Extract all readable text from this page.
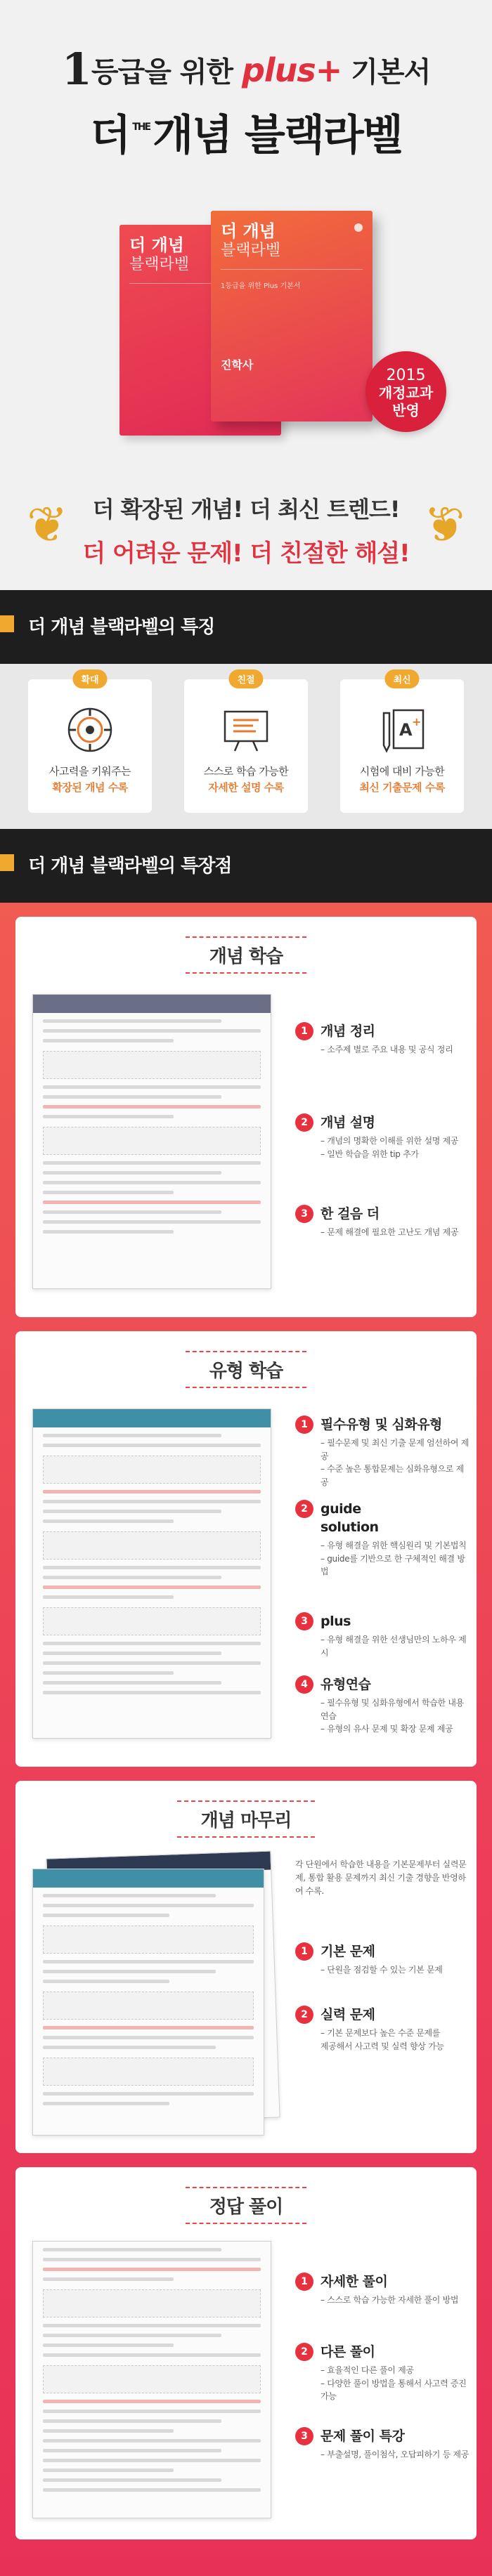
1등급을 위한 plus+ 기본서
더 $^{THE}$개념 블랙라벨
더 개념
블랙라벨
더 개념
블랙라벨
1등급을 위한 Plus 기본서
진학사
2015
개정교과
반영
❦	❦
더 확장된 개념! 더 최신 트렌드!
더 어려운 문제! 더 친절한 해설!
더 개념 블랙라벨의 특징
확대
사고력을 키워주는
확장된 개념 수록
친절
스스로 학습 가능한
자세한 설명 수록
최신
A +
시험에 대비 가능한
최신 기출문제 수록
더 개념 블랙라벨의 특장점
개념 학습
1 개념 정리
– 소주제 별로 주요 내용 및 공식 정리
2 개념 설명
– 개념의 명확한 이해를 위한 설명 제공
– 일반 학습을 위한 tip 추가
3 한 걸음 더
– 문제 해결에 필요한 고난도 개념 제공
유형 학습
1 필수유형 및 심화유형
– 필수문제 및 최신 기출 문제 엄선하여 제공
– 수준 높은 통합문제는 심화유형으로 제공
2 guide
solution
– 유형 해결을 위한 핵심원리 및 기본법칙
– guide를 기반으로 한 구체적인 해결 방법
3 plus
– 유형 해결을 위한 선생님만의 노하우 제시
4 유형연습
– 필수유형 및 심화유형에서 학습한 내용 연습
– 유형의 유사 문제 및 확장 문제 제공
개념 마무리
각 단원에서 학습한 내용을 기본문제부터 실력문제, 통합 활용 문제까지 최신 기출 경향을 반영하여 수록.
1 기본 문제
– 단원을 점검할 수 있는 기본 문제
2 실력 문제
– 기본 문제보다 높은 수준 문제를
제공해서 사고력 및 실력 향상 가능
정답 풀이
1 자세한 풀이
– 스스로 학습 가능한 자세한 풀이 방법
2 다른 풀이
– 효율적인 다른 풀이 제공
– 다양한 풀이 방법을 통해서 사고력 증진 가능
3 문제 풀이 특강
– 부출설명, 풀이첨삭, 오답피하기 등 제공
